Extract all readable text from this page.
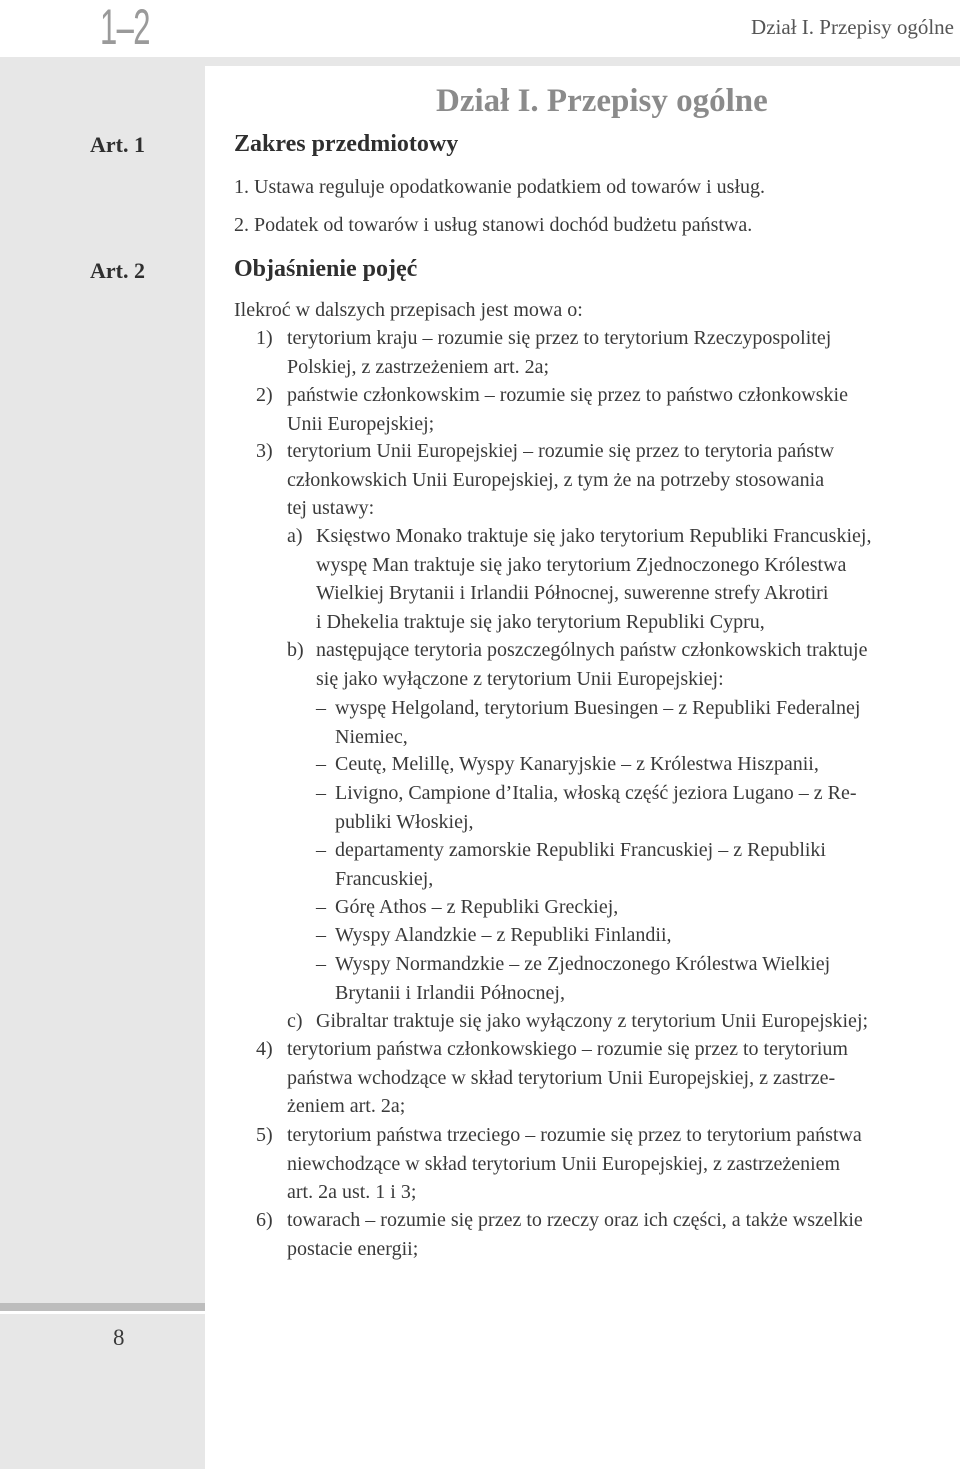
1–2	Dział I. Przepisy ogólne
Dział I. Przepisy ogólne
Art. 1	Zakres przedmiotowy

1. Ustawa reguluje opodatkowanie podatkiem od towarów i usług.

2. Podatek od towarów i usług stanowi dochód budżetu państwa.

Art. 2	Objaśnienie pojęć

Ilekroć w dalszych przepisach jest mowa o:

1) terytorium kraju – rozumie się przez to terytorium Rzeczypospolitej

Polskiej, z zastrzeżeniem art. 2a;

2) państwie członkowskim – rozumie się przez to państwo członkowskie

Unii Europejskiej;

3) terytorium Unii Europejskiej – rozumie się przez to terytoria państw

członkowskich Unii Europejskiej, z tym że na potrzeby stosowania

tej ustawy:

a) Księstwo Monako traktuje się jako terytorium Republiki Francuskiej,

wyspę Man traktuje się jako terytorium Zjednoczonego Królestwa

Wielkiej Brytanii i Irlandii Północnej, suwerenne strefy Akrotiri

i Dhekelia traktuje się jako terytorium Republiki Cypru,

b) następujące terytoria poszczególnych państw członkowskich traktuje

się jako wyłączone z terytorium Unii Europejskiej:

– wyspę Helgoland, terytorium Buesingen – z Republiki Federalnej

Niemiec,

– Ceutę, Melillę, Wyspy Kanaryjskie – z Królestwa Hiszpanii,

– Livigno, Campione d’Italia, włoską część jeziora Lugano – z Re-

publiki Włoskiej,

– departamenty zamorskie Republiki Francuskiej – z Republiki

Francuskiej,

– Górę Athos – z Republiki Greckiej,

– Wyspy Alandzkie – z Republiki Finlandii,

– Wyspy Normandzkie – ze Zjednoczonego Królestwa Wielkiej

Brytanii i Irlandii Północnej,

c) Gibraltar traktuje się jako wyłączony z terytorium Unii Europejskiej;

4) terytorium państwa członkowskiego – rozumie się przez to terytorium

państwa wchodzące w skład terytorium Unii Europejskiej, z zastrze-

żeniem art. 2a;

5) terytorium państwa trzeciego – rozumie się przez to terytorium państwa

niewchodzące w skład terytorium Unii Europejskiej, z zastrzeżeniem

art. 2a ust. 1 i 3;

6) towarach – rozumie się przez to rzeczy oraz ich części, a także wszelkie

postacie energii;

8
